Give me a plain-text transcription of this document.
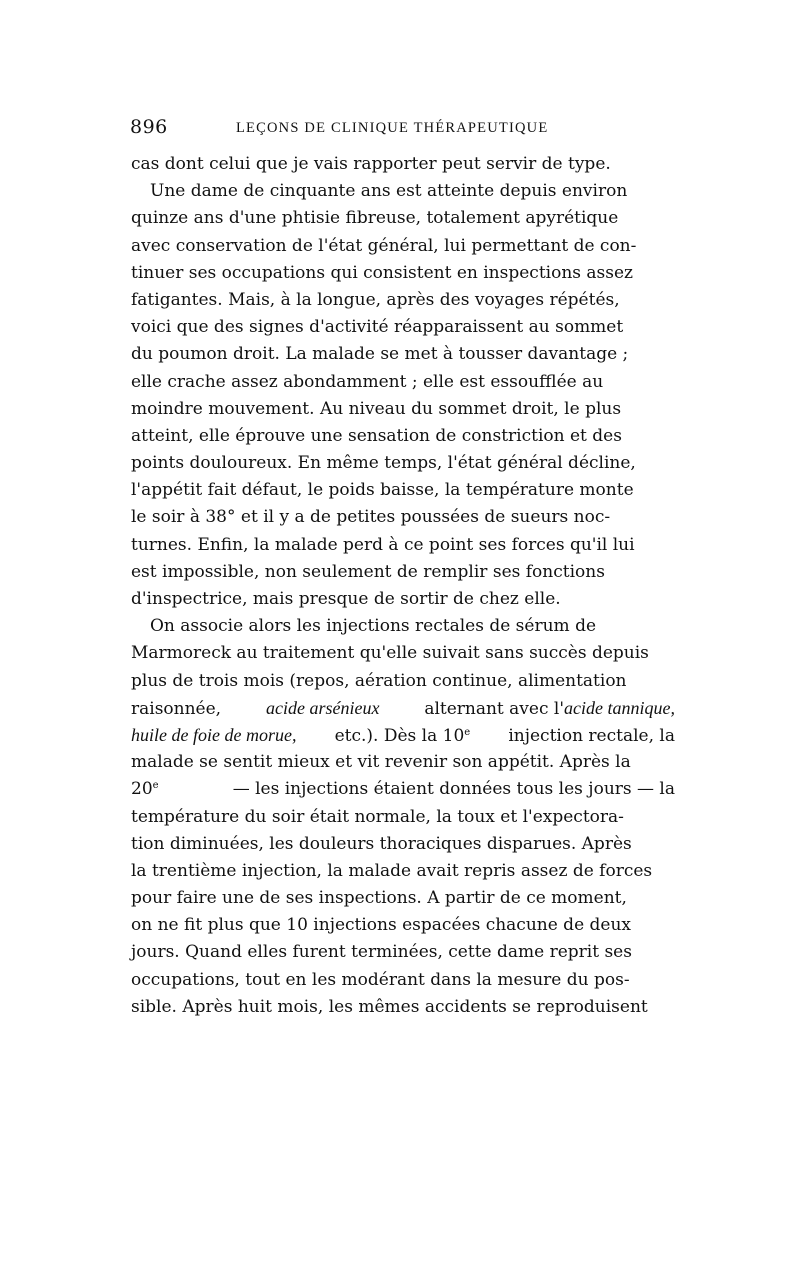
896	LEÇONS DE CLINIQUE THÉRAPEUTIQUE
cas dont celui que je vais rapporter peut servir de type.
Une dame de cinquante ans est atteinte depuis environ
quinze ans d'une phtisie fibreuse, totalement apyrétique
avec conservation de l'état général, lui permettant de con-
tinuer ses occupations qui consistent en inspections assez
fatigantes. Mais, à la longue, après des voyages répétés,
voici que des signes d'activité réapparaissent au sommet
du poumon droit. La malade se met à tousser davantage ;
elle crache assez abondamment ; elle est essoufflée au
moindre mouvement. Au niveau du sommet droit, le plus
atteint, elle éprouve une sensation de constriction et des
points douloureux. En même temps, l'état général décline,
l'appétit fait défaut, le poids baisse, la température monte
le soir à 38° et il y a de petites poussées de sueurs noc-
turnes. Enfin, la malade perd à ce point ses forces qu'il lui
est impossible, non seulement de remplir ses fonctions
d'inspectrice, mais presque de sortir de chez elle.
On associe alors les injections rectales de sérum de
Marmoreck au traitement qu'elle suivait sans succès depuis
plus de trois mois (repos, aération continue, alimentation
raisonnée, acide arsénieux	alternant avec l'acide tannique,
huile de foie de morue, etc.). Dès la 10e injection rectale, la
malade se sentit mieux et vit revenir son appétit. Après la
20e	— les injections étaient données tous les jours — la
température du soir était normale, la toux et l'expectora-
tion diminuées, les douleurs thoraciques disparues. Après
la trentième injection, la malade avait repris assez de forces
pour faire une de ses inspections. A partir de ce moment,
on ne fit plus que 10 injections espacées chacune de deux
jours. Quand elles furent terminées, cette dame reprit ses
occupations, tout en les modérant dans la mesure du pos-
sible. Après huit mois, les mêmes accidents se reproduisent
